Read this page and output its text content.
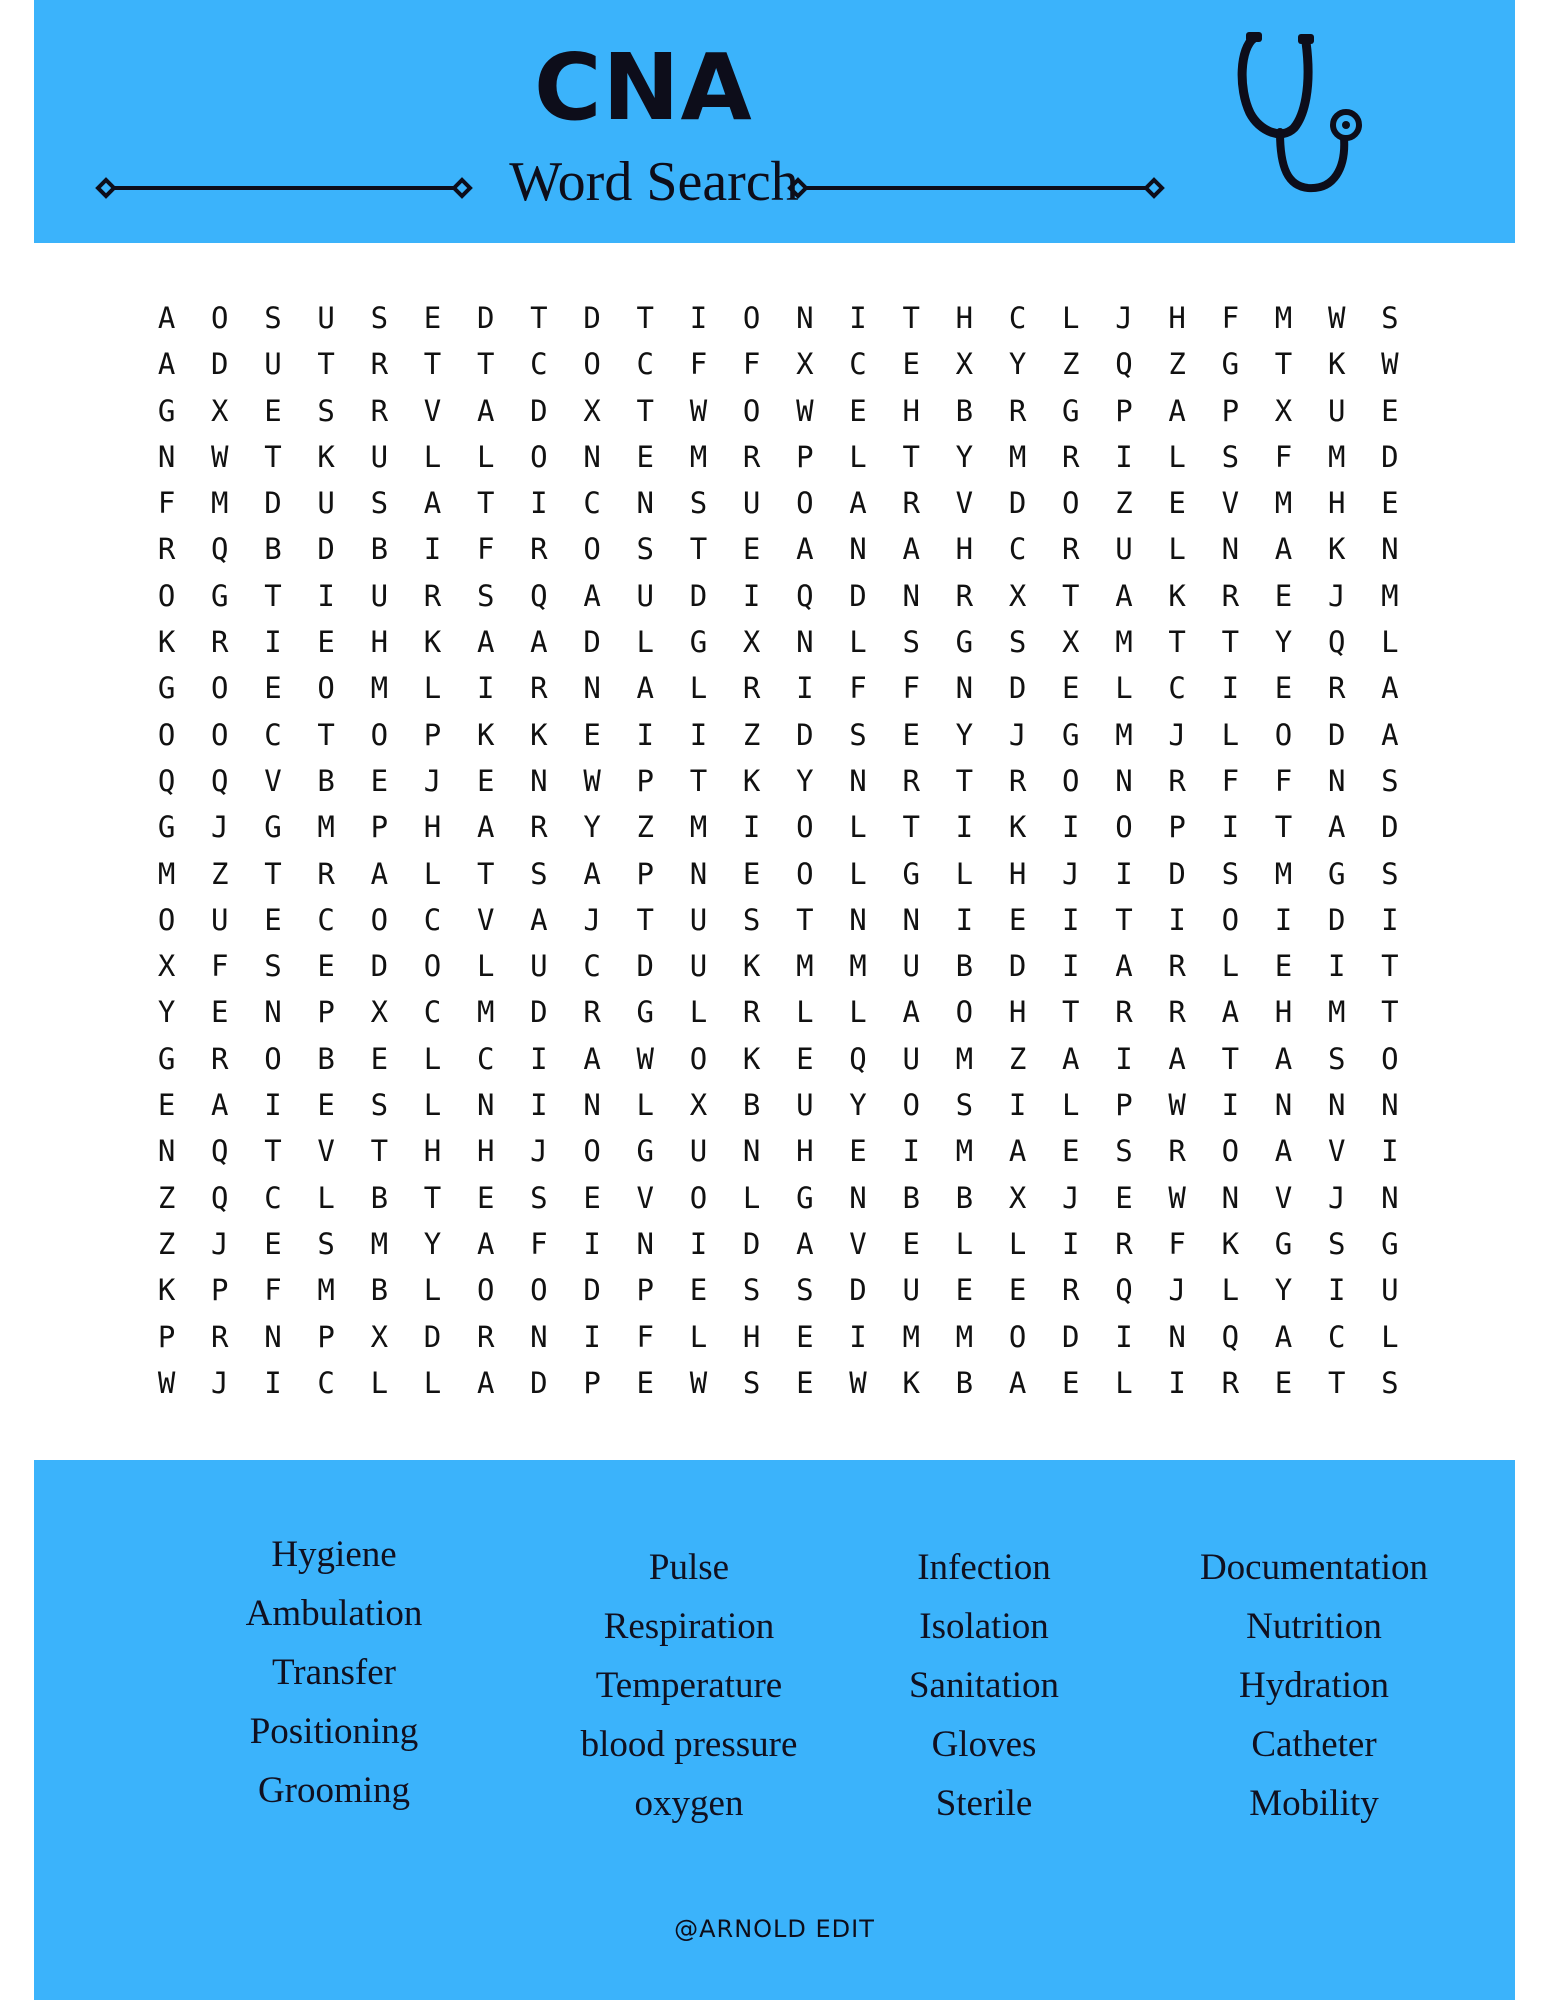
CNA
Word Search
A	O	S	U	S	E	D	T	D	T	I	O	N	I	T	H	C	L	J	H	F	M	W	S
A	D	U	T	R	T	T	C	O	C	F	F	X	C	E	X	Y	Z	Q	Z	G	T	K	W
G	X	E	S	R	V	A	D	X	T	W	O	W	E	H	B	R	G	P	A	P	X	U	E
N	W	T	K	U	L	L	O	N	E	M	R	P	L	T	Y	M	R	I	L	S	F	M	D
F	M	D	U	S	A	T	I	C	N	S	U	O	A	R	V	D	O	Z	E	V	M	H	E
R	Q	B	D	B	I	F	R	O	S	T	E	A	N	A	H	C	R	U	L	N	A	K	N
O	G	T	I	U	R	S	Q	A	U	D	I	Q	D	N	R	X	T	A	K	R	E	J	M
K	R	I	E	H	K	A	A	D	L	G	X	N	L	S	G	S	X	M	T	T	Y	Q	L
G	O	E	O	M	L	I	R	N	A	L	R	I	F	F	N	D	E	L	C	I	E	R	A
O	O	C	T	O	P	K	K	E	I	I	Z	D	S	E	Y	J	G	M	J	L	O	D	A
Q	Q	V	B	E	J	E	N	W	P	T	K	Y	N	R	T	R	O	N	R	F	F	N	S
G	J	G	M	P	H	A	R	Y	Z	M	I	O	L	T	I	K	I	O	P	I	T	A	D
M	Z	T	R	A	L	T	S	A	P	N	E	O	L	G	L	H	J	I	D	S	M	G	S
O	U	E	C	O	C	V	A	J	T	U	S	T	N	N	I	E	I	T	I	O	I	D	I
X	F	S	E	D	O	L	U	C	D	U	K	M	M	U	B	D	I	A	R	L	E	I	T
Y	E	N	P	X	C	M	D	R	G	L	R	L	L	A	O	H	T	R	R	A	H	M	T
G	R	O	B	E	L	C	I	A	W	O	K	E	Q	U	M	Z	A	I	A	T	A	S	O
E	A	I	E	S	L	N	I	N	L	X	B	U	Y	O	S	I	L	P	W	I	N	N	N
N	Q	T	V	T	H	H	J	O	G	U	N	H	E	I	M	A	E	S	R	O	A	V	I
Z	Q	C	L	B	T	E	S	E	V	O	L	G	N	B	B	X	J	E	W	N	V	J	N
Z	J	E	S	M	Y	A	F	I	N	I	D	A	V	E	L	L	I	R	F	K	G	S	G
K	P	F	M	B	L	O	O	D	P	E	S	S	D	U	E	E	R	Q	J	L	Y	I	U
P	R	N	P	X	D	R	N	I	F	L	H	E	I	M	M	O	D	I	N	Q	A	C	L
W	J	I	C	L	L	A	D	P	E	W	S	E	W	K	B	A	E	L	I	R	E	T	S
Hygiene
Ambulation
Transfer
Positioning
Grooming
Pulse
Respiration
Temperature
blood pressure
oxygen
Infection
Isolation
Sanitation
Gloves
Sterile
Documentation
Nutrition
Hydration
Catheter
Mobility
@ARNOLD EDIT
